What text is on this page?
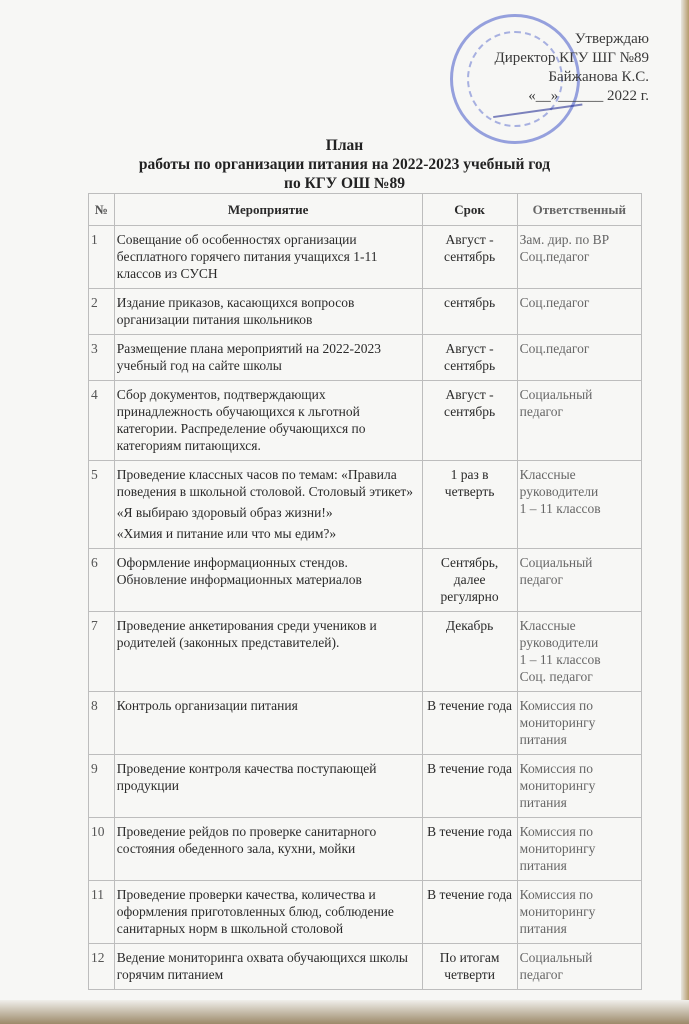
Утверждаю
Директор КГУ ШГ №89
Байжанова К.С.
«__»______ 2022 г.
План
работы по организации питания на 2022-2023 учебный год
по КГУ ОШ №89
№	Мероприятие	Срок	Ответственный
1	Совещание об особенностях организации бесплатного горячего питания учащихся 1-11 классов из СУСН	Август -
сентябрь	Зам. дир. по ВР
Соц.педагог

2	Издание приказов, касающихся вопросов организации питания школьников	сентябрь	Соц.педагог

3	Размещение плана мероприятий на 2022-2023 учебный год на сайте школы	Август -
сентябрь	Соц.педагог

4	Сбор документов, подтверждающих принадлежность обучающихся к льготной категории. Распределение обучающихся по категориям питающихся.	Август -
сентябрь	Социальный
педагог

5	Проведение классных часов по темам: «Правила поведения в школьной столовой. Столовый этикет»
«Я выбираю здоровый образ жизни!»
«Химия и питание или что мы едим?»	1 раз в
четверть	Классные
руководители
1 – 11 классов

6	Оформление информационных стендов. Обновление информационных материалов	Сентябрь,
далее
регулярно	Социальный
педагог

7	Проведение анкетирования среди учеников и родителей (законных представителей).	Декабрь	Классные
руководители
1 – 11 классов
Соц. педагог

8	Контроль организации питания	В течение года	Комиссия по
мониторингу
питания

9	Проведение контроля качества поступающей продукции	В течение года	Комиссия по
мониторингу
питания

10	Проведение рейдов по проверке санитарного состояния обеденного зала, кухни, мойки	В течение года	Комиссия по
мониторингу
питания

11	Проведение проверки качества, количества и оформления приготовленных блюд, соблюдение санитарных норм в школьной столовой	В течение года	Комиссия по
мониторингу
питания

12	Ведение мониторинга охвата обучающихся школы горячим питанием	По итогам
четверти	Социальный
педагог
